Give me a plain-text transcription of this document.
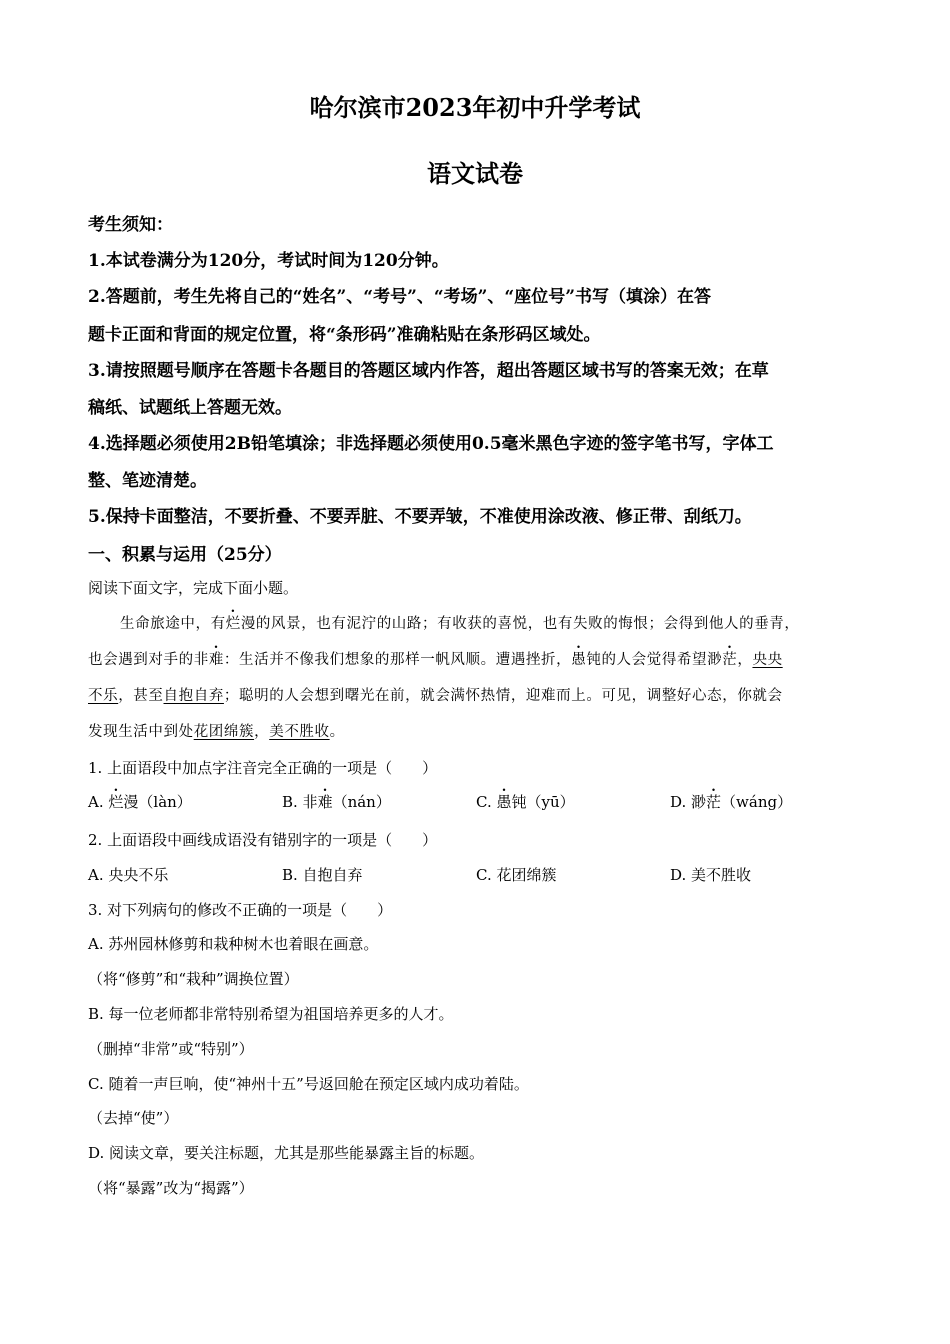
哈尔滨市2023年初中升学考试
语文试卷
考生须知：
1.本试卷满分为120分，考试时间为120分钟。
2.答题前，考生先将自己的“姓名”、“考号”、“考场”、“座位号”书写（填涂）在答
题卡正面和背面的规定位置，将“条形码”准确粘贴在条形码区域处。
3.请按照题号顺序在答题卡各题目的答题区域内作答，超出答题区域书写的答案无效；在草
稿纸、试题纸上答题无效。
4.选择题必须使用2B铅笔填涂；非选择题必须使用0.5毫米黑色字迹的签字笔书写，字体工
整、笔迹清楚。
5.保持卡面整洁，不要折叠、不要弄脏、不要弄皱，不准使用涂改液、修正带、刮纸刀。
一、积累与运用（25分）
阅读下面文字，完成下面小题。
生命旅途中，有烂漫的风景，也有泥泞的山路；有收获的喜悦，也有失败的悔恨；会得到他人的垂青，
也会遇到对手的非难：生活并不像我们想象的那样一帆风顺。遭遇挫折，愚钝的人会觉得希望渺茫，央央
不乐，甚至自抱自弃；聪明的人会想到曙光在前，就会满怀热情，迎难而上。可见，调整好心态，你就会
发现生活中到处花团绵簇，美不胜收。
1. 上面语段中加点字注音完全正确的一项是（　　）
A. 烂漫（làn）	B. 非难（nán）	C. 愚钝（yū）	D. 渺茫（wáng）
2. 上面语段中画线成语没有错别字的一项是（　　）
A. 央央不乐	B. 自抱自弃	C. 花团绵簇	D. 美不胜收
3. 对下列病句的修改不正确的一项是（　　）
A. 苏州园林修剪和栽种树木也着眼在画意。
（将“修剪”和“栽种”调换位置）
B. 每一位老师都非常特别希望为祖国培养更多的人才。
（删掉“非常”或“特别”）
C. 随着一声巨响，使“神州十五”号返回舱在预定区域内成功着陆。
（去掉“使”）
D. 阅读文章，要关注标题，尤其是那些能暴露主旨的标题。
（将“暴露”改为“揭露”）
